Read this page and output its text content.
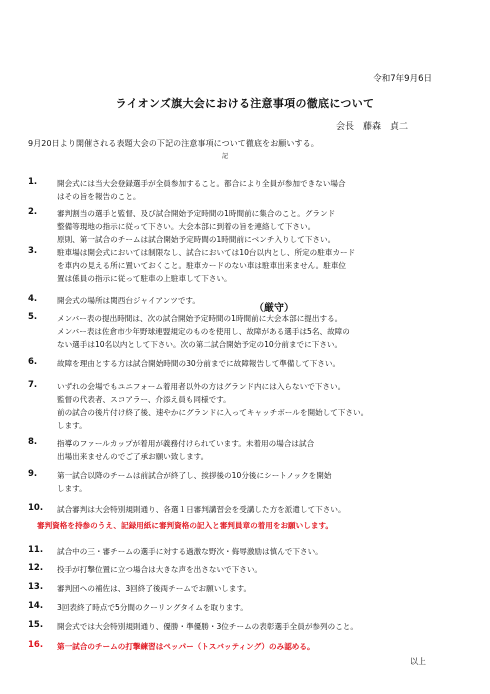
令和7年9月6日
ライオンズ旗大会における注意事項の徹底について
会長　藤森　貞二
9月20日より開催される表題大会の下記の注意事項について徹底をお願いする。
記
1.	開会式には当大会登録選手が全員参加すること。都合により全員が参加できない場合
はその旨を報告のこと。
2.	審判割当の選手と監督、及び試合開始予定時間の1時間前に集合のこと。グランド
整備等現地の指示に従って下さい。大会本部に到着の旨を連絡して下さい。
原則、第一試合のチームは試合開始予定時間の1時間前にベンチ入りして下さい。
3.	駐車場は開会式においては制限なし、試合においては10台以内とし、所定の駐車カード
を車内の見える所に置いておくこと。駐車カードのない車は駐車出来ません。駐車位
置は係員の指示に従って駐車の上駐車して下さい。
4.	開会式の場所は関西台ジャイアンツです。
5.	メンバー表の提出時間は、次の試合開始予定時間の1時間前に大会本部に提出する。
メンバー表は佐倉市少年野球連盟規定のものを使用し、故障がある選手は5名、故障の
ない選手は10名以内として下さい。次の第二試合開始予定の10分前までに下さい。
6.	故障を理由とする方は試合開始時間の30分前までに故障報告して準備して下さい。
7.	いずれの会場でもユニフォーム着用者以外の方はグランド内には入らないで下さい。
監督の代表者、スコアラー、介添え員も同様です。
前の試合の後片付け終了後、速やかにグランドに入ってキャッチボールを開始して下さい。
します。
8.	指導のファールカップが着用が義務付けられています。未着用の場合は試合
出場出来ませんのでご了承お願い致します。
9.	第一試合以降のチームは前試合が終了し、挨拶後の10分後にシートノックを開始
します。
10. 試合審判は大会特別規則通り、各選１日審判講習会を受講した方を派遣して下さい。
審判資格を持参のうえ、記録用紙に審判資格の記入と審判員章の着用をお願いします。
11. 試合中の三・審チームの選手に対する過激な野次・侮辱激励は慎んで下さい。
12. 投手が打撃位置に立つ場合は大きな声を出さないで下さい。
13. 審判団への補佐は、3回終了後両チームでお願いします。
14. 3回表終了時点で5分間のクーリングタイムを取ります。
15. 開会式では大会特別規則通り、優勝・準優勝・3位チームの表彰選手全員が参列のこと。
16. 第一試合のチームの打撃練習はペッパー（トスバッティング）のみ認める。
（厳守）
以上
